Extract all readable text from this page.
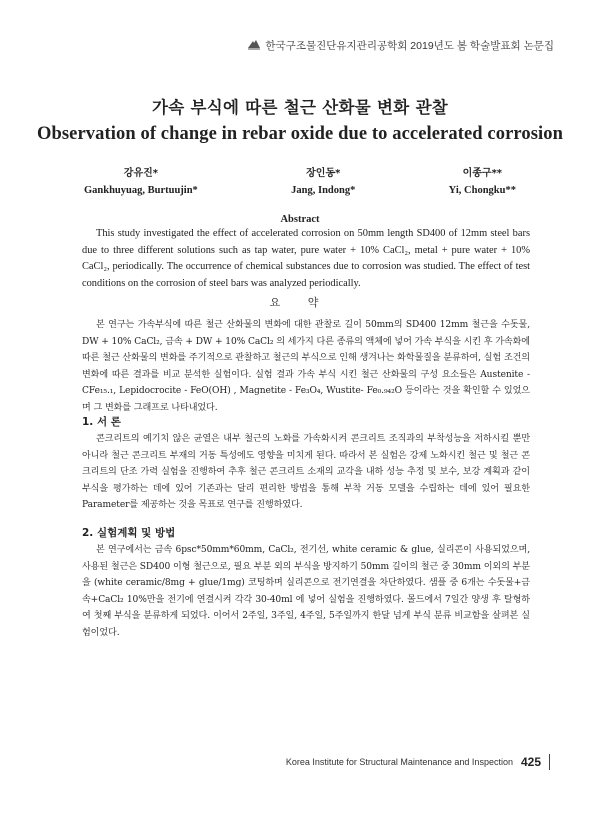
한국구조물진단유지관리공학회 2019년도 봄 학술발표회 논문집
가속 부식에 따른 철근 산화물 변화 관찰
Observation of change in rebar oxide due to accelerated corrosion
강유진*
Gankhuyuag, Burtuujin*
장인동*
Jang, Indong*
이종구**
Yi, Chongku**
Abstract

This study investigated the effect of accelerated corrosion on 50mm length SD400 of 12mm steel bars due to three different solutions such as tap water, pure water + 10% CaCl₂, metal + pure water + 10% CaCl₂, periodically. The occurrence of chemical substances due to corrosion was studied. The effect of test conditions on the corrosion of steel bars was analyzed periodically.

요 약

본 연구는 가속부식에 따른 철근 산화물의 변화에 대한 관찰로 길이 50mm의 SD400 12mm 철근을 수돗물, DW + 10% CaCl₂, 금속 + DW + 10% CaCl₂ 의 세가지 다른 종류의 액체에 넣어 가속 부식을 시킨 후 가속화에 따른 철근 산화물의 변화를 주기적으로 관찰하고 철근의 부식으로 인해 생겨나는 화학물질을 분류하여, 실험 조건의 변화에 따른 결과를 비교 분석한 실험이다. 실험 결과 가속 부식 시킨 철근 산화물의 구성 요소들은 Austenite - CFe₁₅.₁, Lepidocrocite - FeO(OH) , Magnetite - Fe₃O₄, Wustite- Fe₀.₉₄₂O 등이라는 것을 확인할 수 있었으며 그 변화를 그래프로 나타내었다.

1. 서 론

콘크리트의 예기치 않은 균열은 내부 철근의 노화를 가속화시켜 콘크리트 조직과의 부착성능을 저하시킬 뿐만 아니라 철근 콘크리트 부재의 거동 특성에도 영향을 미치게 된다. 따라서 본 실험은 강제 노화시킨 철근 및 철근 콘크리트의 단조 가력 실험을 진행하여 추후 철근 콘크리트 소재의 교각을 내하 성능 추정 및 보수, 보강 계획과 같이 부식을 평가하는 데에 있어 기존과는 달리 편리한 방법을 통해 부착 거동 모델을 수립하는 데에 있어 필요한 Parameter를 제공하는 것을 목표로 연구를 진행하였다.

2. 실험계획 및 방법

본 연구에서는 금속 6psc*50mm*60mm, CaCl₂, 전기선, white ceramic & glue, 실리콘이 사용되었으며, 사용된 철근은 SD400 이형 철근으로, 필요 부분 외의 부식을 방지하기 50mm 길이의 철근 중 30mm 이외의 부분을 (white ceramic/8mg + glue/1mg) 코팅하며 실리콘으로 전기연결을 차단하였다. 샘플 중 6개는 수돗물+금속+CaCl₂ 10%만을 전기에 연결시켜 각각 30-40ml 에 넣어 실험을 진행하였다. 몰드에서 7일간 양생 후 탈형하여 첫째 부식을 분류하게 되었다. 이어서 2주일, 3주일, 4주일, 5주일까지 한달 넘게 부식 분류 비교함을 살펴본 실험이었다.

Korea Institute for Structural Maintenance and Inspection 425
